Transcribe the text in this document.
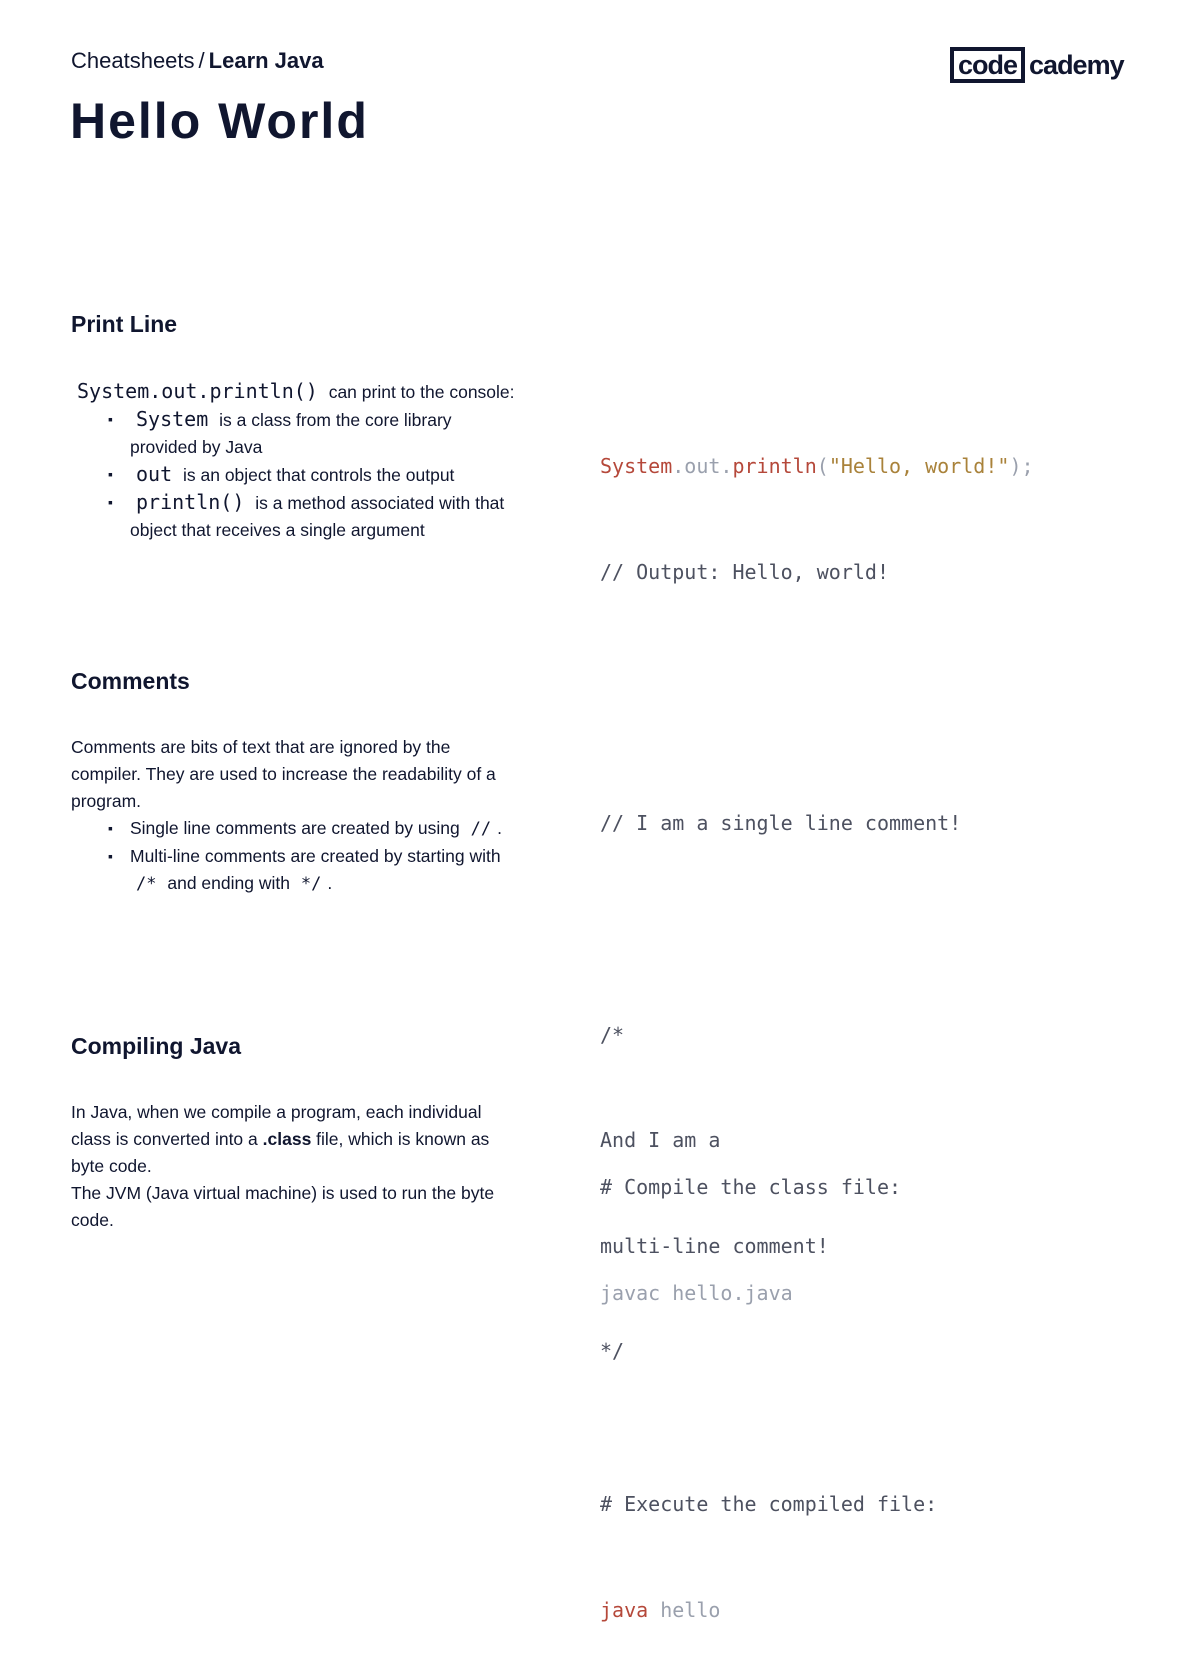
Cheatsheets / Learn Java
Hello World
code cademy
Print Line

System.out.println() can print to the console:

▪ System is a class from the core library provided by Java
▪ out is an object that controls the output
▪ println() is a method associated with that object that receives a single argument

System.out.println("Hello, world!");

// Output: Hello, world!

Comments

Comments are bits of text that are ignored by the compiler. They are used to increase the readability of a program.

▪ Single line comments are created by using // .
▪ Multi-line comments are created by starting with /* and ending with */ .

// I am a single line comment!

/*

And I am a

multi-line comment!

*/

Compiling Java

In Java, when we compile a program, each individual class is converted into a .class file, which is known as byte code.

The JVM (Java virtual machine) is used to run the byte code.

# Compile the class file:

javac hello.java

# Execute the compiled file:

java hello
